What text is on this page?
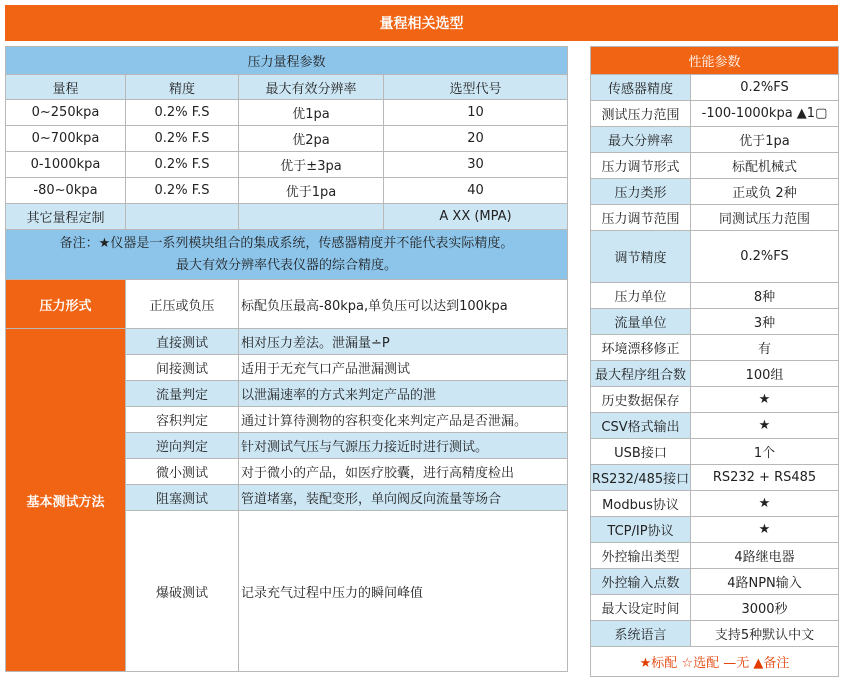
量程相关选型
压力量程参数			
量程	精度	最大有效分辨率	选型代号
0~250kpa	0.2% F.S	优1pa	10
0~700kpa	0.2% F.S	优2pa	20
0-1000kpa	0.2% F.S	优于±3pa	30
-80~0kpa	0.2% F.S	优于1pa	40
其它量程定制			A XX (MPA)

备注：★仪器是一系列模块组合的集成系统，传感器精度并不能代表实际精度。
最大有效分辨率代表仪器的综合精度。			

压力形式	正压或负压	标配负压最高-80kpa,单负压可以达到100kpa	
基本测试方法	直接测试	相对压力差法。泄漏量∸P	
	间接测试	适用于无充气口产品泄漏测试	
	流量判定	以泄漏速率的方式来判定产品的泄	
	容积判定	通过计算待测物的容积变化来判定产品是否泄漏。	
	逆向判定	针对测试气压与气源压力接近时进行测试。	
	微小测试	对于微小的产品，如医疗胶囊，进行高精度检出	
	阻塞测试	管道堵塞，装配变形，单向阀反向流量等场合	
	爆破测试	记录充气过程中压力的瞬间峰值	
性能参数	
传感器精度	0.2%FS
测试压力范围	-100-1000kpa ▲1▢
最大分辨率	优于1pa
压力调节形式	标配机械式
压力类形	正或负 2种
压力调节范围	同测试压力范围
调节精度	0.2%FS
压力单位	8种
流量单位	3种
环境漂移修正	有
最大程序组合数	100组
历史数据保存	★
CSV格式输出	★
USB接口	1个
RS232/485接口	RS232 + RS485
Modbus协议	★
TCP/IP协议	★
外控输出类型	4路继电器
外控输入点数	4路NPN输入
最大设定时间	3000秒
系统语言	支持5种默认中文
★标配 ☆选配 —无 ▲备注	
